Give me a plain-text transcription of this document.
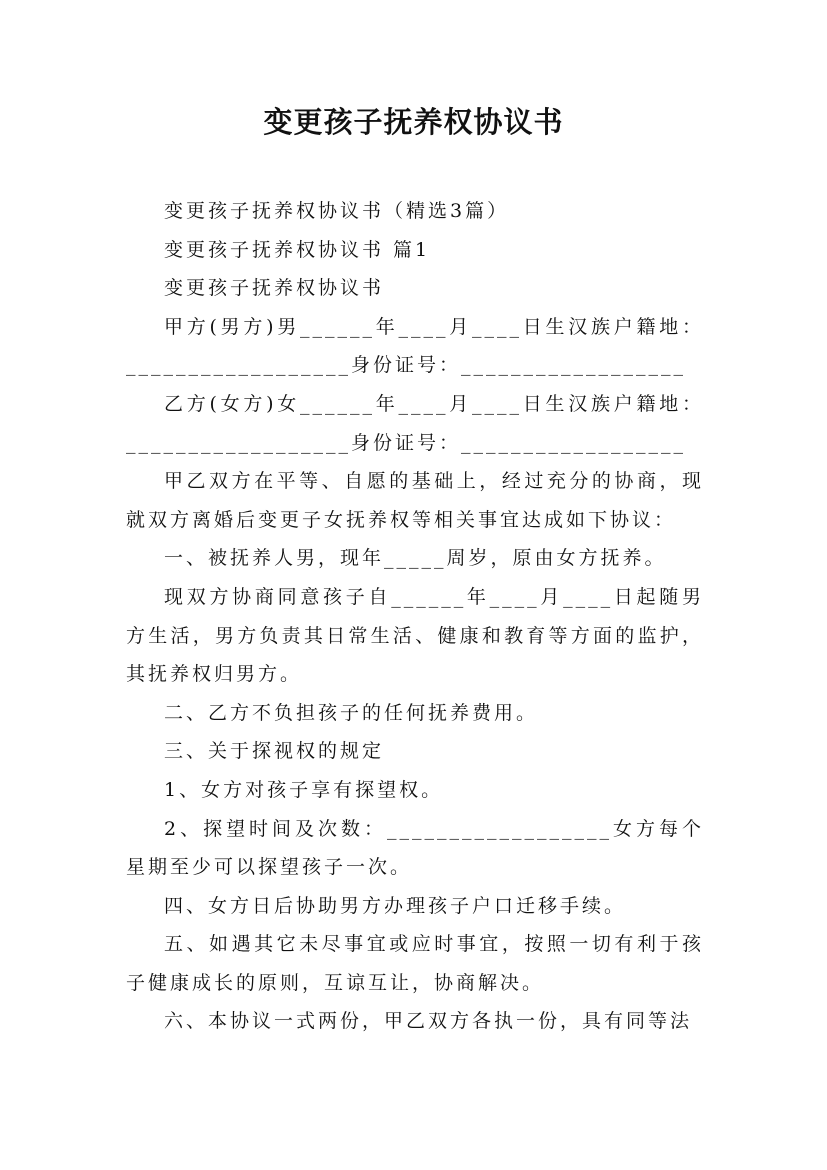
变更孩子抚养权协议书

变更孩子抚养权协议书（精选3篇）

变更孩子抚养权协议书 篇1

变更孩子抚养权协议书

甲方(男方)男______年____月____日生汉族户籍地：__________________身份证号：__________________

乙方(女方)女______年____月____日生汉族户籍地：__________________身份证号：__________________

甲乙双方在平等、自愿的基础上，经过充分的协商，现就双方离婚后变更子女抚养权等相关事宜达成如下协议：

一、被抚养人男，现年_____周岁，原由女方抚养。

现双方协商同意孩子自______年____月____日起随男方生活，男方负责其日常生活、健康和教育等方面的监护，其抚养权归男方。

二、乙方不负担孩子的任何抚养费用。

三、关于探视权的规定

1、女方对孩子享有探望权。

2、探望时间及次数：__________________女方每个星期至少可以探望孩子一次。

四、女方日后协助男方办理孩子户口迁移手续。

五、如遇其它未尽事宜或应时事宜，按照一切有利于孩子健康成长的原则，互谅互让，协商解决。

六、本协议一式两份，甲乙双方各执一份，具有同等法
